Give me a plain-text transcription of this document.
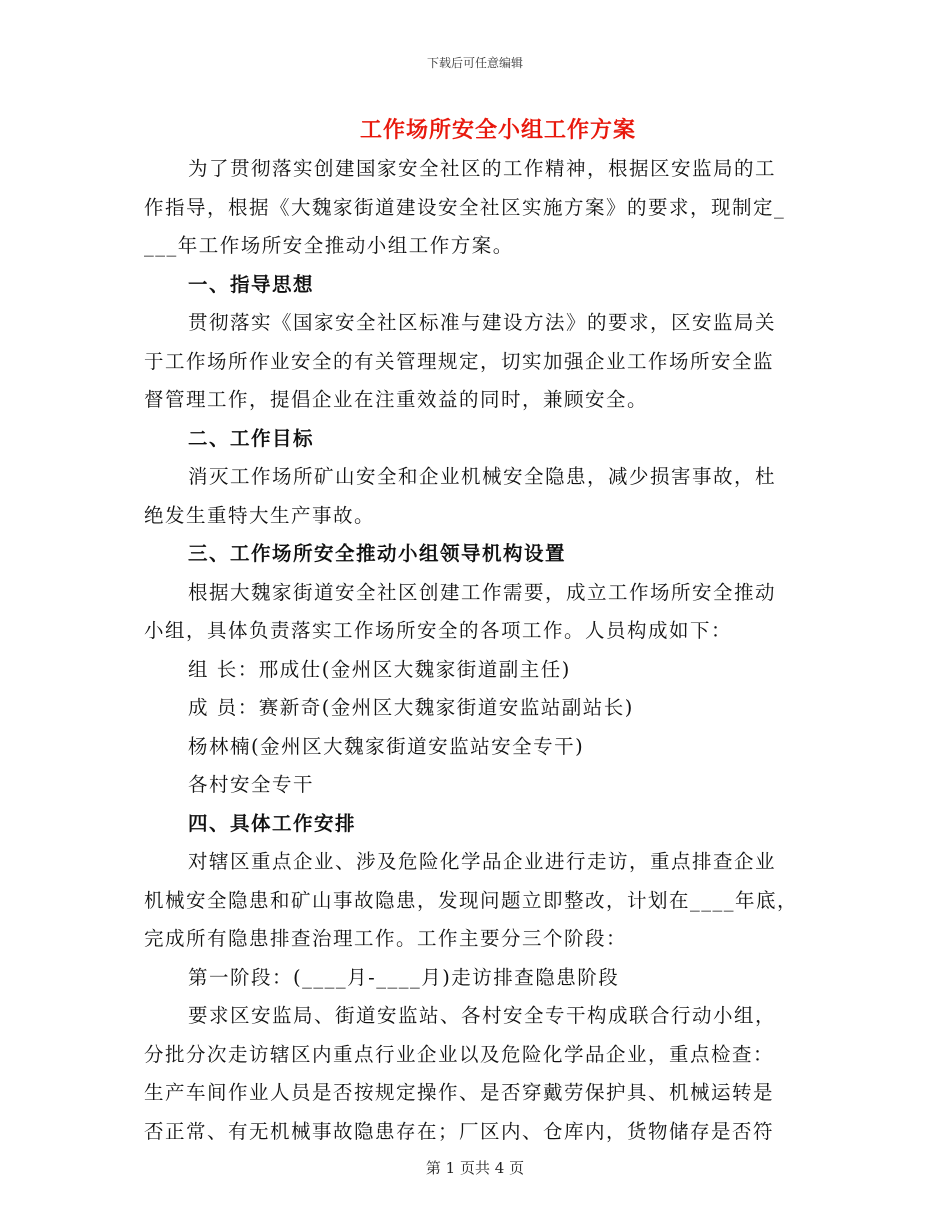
下载后可任意编辑
工作场所安全小组工作方案

为了贯彻落实创建国家安全社区的工作精神，根据区安监局的工

作指导，根据《大魏家街道建设安全社区实施方案》的要求，现制定_

___年工作场所安全推动小组工作方案。

一、指导思想

贯彻落实《国家安全社区标准与建设方法》的要求，区安监局关

于工作场所作业安全的有关管理规定，切实加强企业工作场所安全监

督管理工作，提倡企业在注重效益的同时，兼顾安全。

二、工作目标

消灭工作场所矿山安全和企业机械安全隐患，减少损害事故，杜

绝发生重特大生产事故。

三、工作场所安全推动小组领导机构设置

根据大魏家街道安全社区创建工作需要，成立工作场所安全推动

小组，具体负责落实工作场所安全的各项工作。人员构成如下：

组 长：邢成仕(金州区大魏家街道副主任)

成 员：赛新奇(金州区大魏家街道安监站副站长)

杨林楠(金州区大魏家街道安监站安全专干)

各村安全专干

四、具体工作安排

对辖区重点企业、涉及危险化学品企业进行走访，重点排查企业

机械安全隐患和矿山事故隐患，发现问题立即整改，计划在____年底，

完成所有隐患排查治理工作。工作主要分三个阶段：

第一阶段：(____月-____月)走访排查隐患阶段

要求区安监局、街道安监站、各村安全专干构成联合行动小组，

分批分次走访辖区内重点行业企业以及危险化学品企业，重点检查：

生产车间作业人员是否按规定操作、是否穿戴劳保护具、机械运转是

否正常、有无机械事故隐患存在；厂区内、仓库内，货物储存是否符

第 1 页共 4 页
